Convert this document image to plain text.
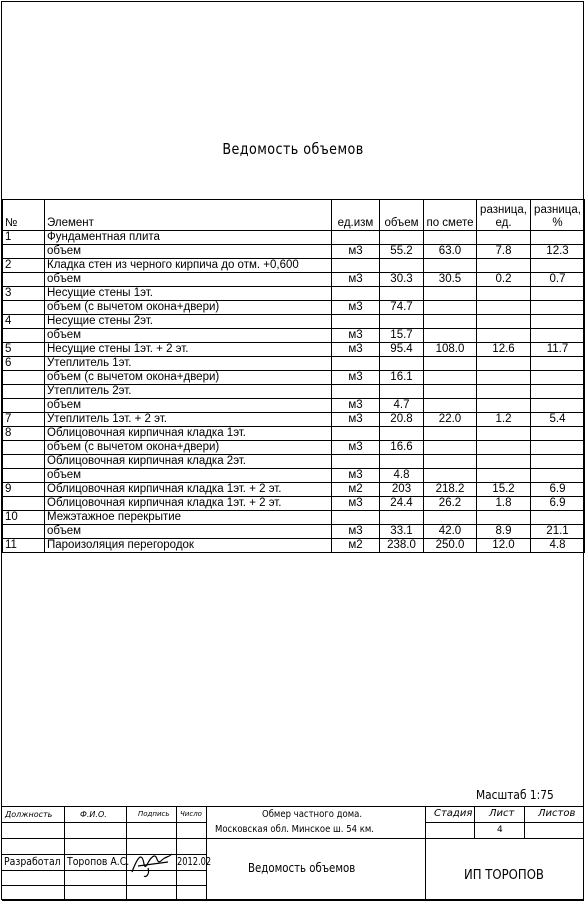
Ведомость объемов
№	Элемент	ед.изм	объем	по смете	разница, ед.	разница, %
1	Фундаментная плита					
	объем	м3	55.2	63.0	7.8	12.3
2	Кладка стен из черного кирпича до отм. +0,600					
	объем	м3	30.3	30.5	0.2	0.7
3	Несущие стены 1эт.					
	объем (с вычетом окона+двери)	м3	74.7			
4	Несущие стены 2эт.					
	объем	м3	15.7			
5	Несущие стены 1эт. + 2 эт.	м3	95.4	108.0	12.6	11.7
6	Утеплитель 1эт.					
	объем (с вычетом окона+двери)	м3	16.1			
	Утеплитель 2эт.					
	объем	м3	4.7			
7	Утеплитель 1эт. + 2 эт.	м3	20.8	22.0	1.2	5.4
8	Облицовочная кирпичная кладка 1эт.					
	объем (с вычетом окона+двери)	м3	16.6			
	Облицовочная кирпичная кладка 2эт.					
	объем	м3	4.8			
9	Облицовочная кирпичная кладка 1эт. + 2 эт.	м2	203	218.2	15.2	6.9
	Облицовочная кирпичная кладка 1эт. + 2 эт.	м3	24.4	26.2	1.8	6.9
10	Межэтажное перекрытие					
	объем	м3	33.1	42.0	8.9	21.1
11	Пароизоляция перегородок	м2	238.0	250.0	12.0	4.8
Масштаб 1:75
Должность	Ф.И.О.	Подпись Число	Обмер частного дома.
Московская обл. Минское ш. 54 км.
Стадия Лист Листов
4
Разработал Торопов А.С.	2012.02	Ведомость объемов	ИП ТОРОПОВ
